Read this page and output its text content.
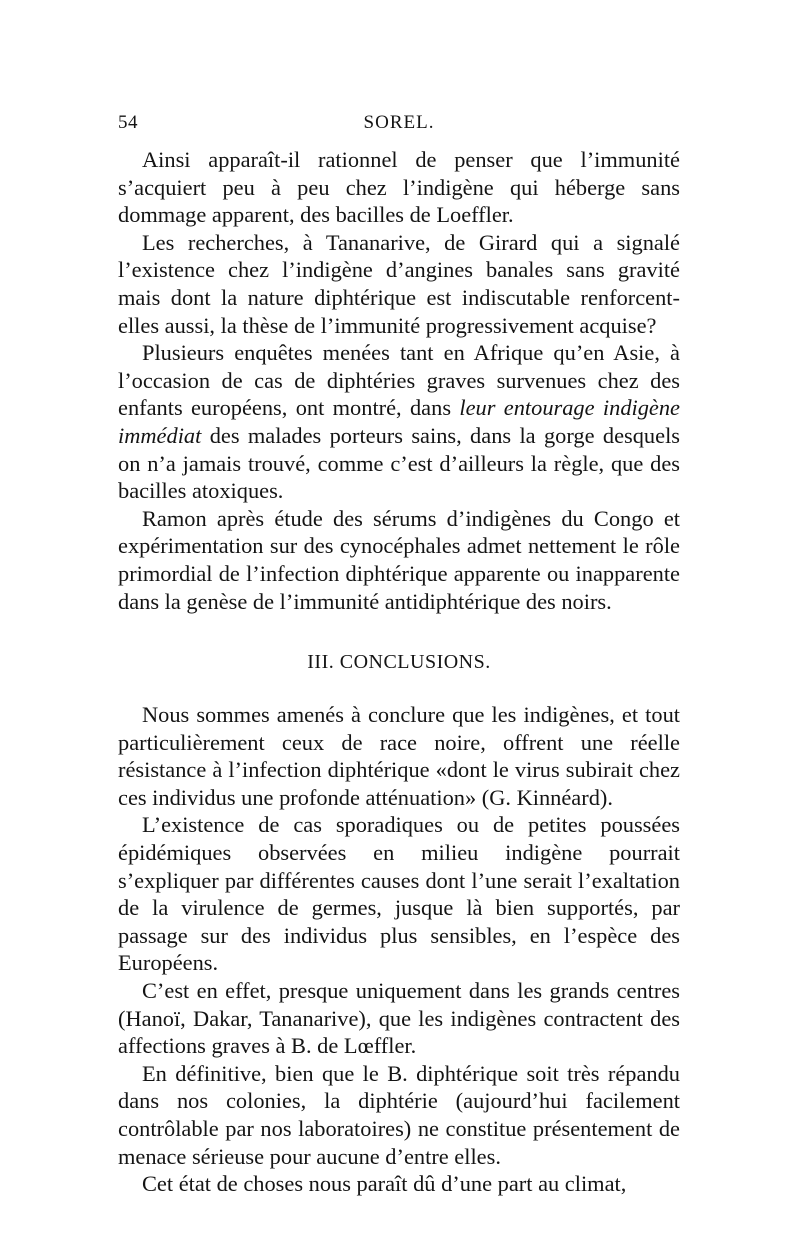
54	SOREL.

Ainsi apparaît-il rationnel de penser que l’immunité s’acquiert peu à peu chez l’indigène qui héberge sans dommage apparent, des bacilles de Loeffler.

Les recherches, à Tananarive, de Girard qui a signalé l’existence chez l’indigène d’angines banales sans gravité mais dont la nature diphtérique est indiscutable renforcent-elles aussi, la thèse de l’immunité progressivement acquise?

Plusieurs enquêtes menées tant en Afrique qu’en Asie, à l’occasion de cas de diphtéries graves survenues chez des enfants européens, ont montré, dans leur entourage indigène immédiat des malades porteurs sains, dans la gorge desquels on n’a jamais trouvé, comme c’est d’ailleurs la règle, que des bacilles atoxiques.

Ramon après étude des sérums d’indigènes du Congo et expérimentation sur des cynocéphales admet nettement le rôle primordial de l’infection diphtérique apparente ou inapparente dans la genèse de l’immunité antidiphtérique des noirs.

III. CONCLUSIONS.

Nous sommes amenés à conclure que les indigènes, et tout particulièrement ceux de race noire, offrent une réelle résistance à l’infection diphtérique «dont le virus subirait chez ces individus une profonde atténuation» (G. Kinnéard).

L’existence de cas sporadiques ou de petites poussées épidémiques observées en milieu indigène pourrait s’expliquer par différentes causes dont l’une serait l’exaltation de la virulence de germes, jusque là bien supportés, par passage sur des individus plus sensibles, en l’espèce des Européens.

C’est en effet, presque uniquement dans les grands centres (Hanoï, Dakar, Tananarive), que les indigènes contractent des affections graves à B. de Lœffler.

En définitive, bien que le B. diphtérique soit très répandu dans nos colonies, la diphtérie (aujourd’hui facilement contrôlable par nos laboratoires) ne constitue présentement de menace sérieuse pour aucune d’entre elles.

Cet état de choses nous paraît dû d’une part au climat,
